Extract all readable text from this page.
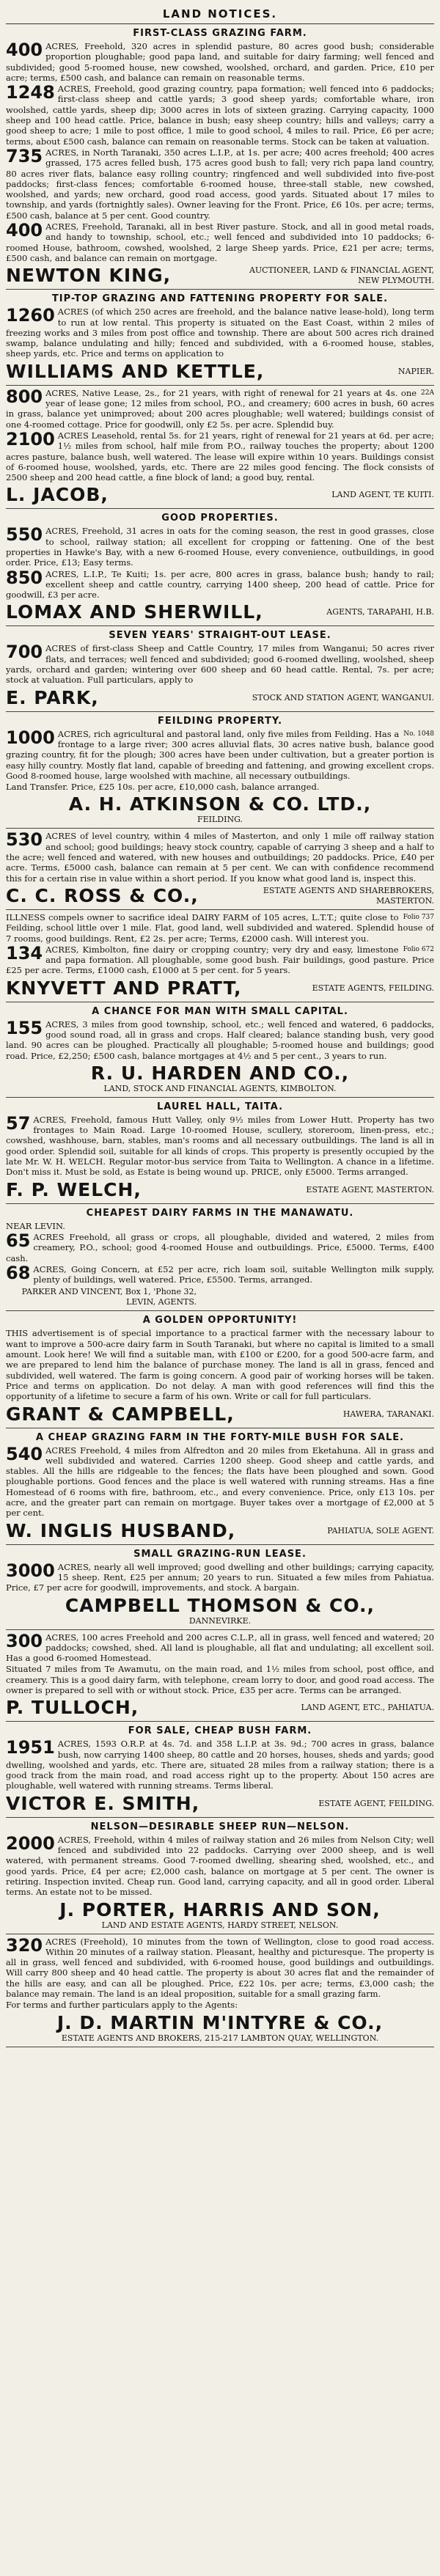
LAND NOTICES.
FIRST-CLASS GRAZING FARM.
400 ACRES, Freehold, 320 acres in splendid pasture, 80 acres good bush; considerable proportion ploughable; good papa land, and suitable for dairy farming; well fenced and subdivided; good 5-roomed house, new cowshed, woolshed, orchard, and garden. Price, £10 per acre; terms, £500 cash, and balance can remain on reasonable terms.
1248 ACRES, Freehold, good grazing country, papa formation; well fenced into 6 paddocks; first-class sheep and cattle yards; 3 good sheep yards; comfortable whare, iron woolshed, cattle yards, sheep dip; 3000 acres in lots of sixteen grazing. Carrying capacity, 1000 sheep and 100 head cattle. Price, balance in bush; easy sheep country; hills and valleys; carry a good sheep to acre; 1 mile to post office, 1 mile to good school, 4 miles to rail. Price, £6 per acre; terms, about £500 cash, balance can remain on reasonable terms. Stock can be taken at valuation.
735 ACRES, in North Taranaki, 350 acres L.I.P., at 1s. per acre; 400 acres freehold; 400 acres grassed, 175 acres felled bush, 175 acres good bush to fall; very rich papa land country, 80 acres river flats, balance easy rolling country; ringfenced and well subdivided into five-post paddocks; first-class fences; comfortable 6-roomed house, three-stall stable, new cowshed, woolshed, and yards; new orchard, good road access, good yards. Situated about 17 miles to township, and yards (fortnightly sales). Owner leaving for the Front. Price, £6 10s. per acre; terms, £500 cash, balance at 5 per cent. Good country.
400 ACRES, Freehold, Taranaki, all in best River pasture. Stock, and all in good metal roads, and handy to township, school, etc.; well fenced and subdivided into 10 paddocks; 6-roomed House, bathroom, cowshed, woolshed, 2 large Sheep yards. Price, £21 per acre; terms, £500 cash, and balance can remain on mortgage.
NEWTON KING,	AUCTIONEER, LAND & FINANCIAL AGENT, NEW PLYMOUTH.
TIP-TOP GRAZING AND FATTENING PROPERTY FOR SALE.
1260 ACRES (of which 250 acres are freehold, and the balance native lease-hold), long term to run at low rental. This property is situated on the East Coast, within 2 miles of freezing works and 3 miles from post office and township. There are about 500 acres rich drained swamp, balance undulating and hilly; fenced and subdivided, with a 6-roomed house, stables, sheep yards, etc. Price and terms on application to
WILLIAMS AND KETTLE,	NAPIER.
22A
800 ACRES, Native Lease, 2s., for 21 years, with right of renewal for 21 years at 4s. one year of lease gone; 12 miles from school, P.O., and creamery; 600 acres in bush, 60 acres in grass, balance yet unimproved; about 200 acres ploughable; well watered; buildings consist of one 4-roomed cottage. Price for goodwill, only £2 5s. per acre. Splendid buy.
2100 ACRES Leasehold, rental 5s. for 21 years, right of renewal for 21 years at 6d. per acre; 1½ miles from school, half mile from P.O., railway touches the property; about 1200 acres pasture, balance bush, well watered. The lease will expire within 10 years. Buildings consist of 6-roomed house, woolshed, yards, etc. There are 22 miles good fencing. The flock consists of 2500 sheep and 200 head cattle, a fine block of land; a good buy, rental.
L. JACOB,	LAND AGENT, TE KUITI.
GOOD PROPERTIES.
550 ACRES, Freehold, 31 acres in oats for the coming season, the rest in good grasses, close to school, railway station; all excellent for cropping or fattening. One of the best properties in Hawke's Bay, with a new 6-roomed House, every convenience, outbuildings, in good order. Price, £13; Easy terms.
850 ACRES, L.I.P., Te Kuiti; 1s. per acre, 800 acres in grass, balance bush; handy to rail; excellent sheep and cattle country, carrying 1400 sheep, 200 head of cattle. Price for goodwill, £3 per acre.
LOMAX AND SHERWILL,	AGENTS, TARAPAHI, H.B.
SEVEN YEARS' STRAIGHT-OUT LEASE.
700 ACRES of first-class Sheep and Cattle Country, 17 miles from Wanganui; 50 acres river flats, and terraces; well fenced and subdivided; good 6-roomed dwelling, woolshed, sheep yards, orchard and garden; wintering over 600 sheep and 60 head cattle. Rental, 7s. per acre; stock at valuation. Full particulars, apply to
E. PARK,	STOCK AND STATION AGENT, WANGANUI.
FEILDING PROPERTY.
No. 1048
1000 ACRES, rich agricultural and pastoral land, only five miles from Feilding. Has a frontage to a large river; 300 acres alluvial flats, 30 acres native bush, balance good grazing country, fit for the plough; 300 acres have been under cultivation, but a greater portion is easy hilly country. Mostly flat land, capable of breeding and fattening, and growing excellent crops. Good 8-roomed house, large woolshed with machine, all necessary outbuildings.
Land Transfer. Price, £25 10s. per acre, £10,000 cash, balance arranged.
A. H. ATKINSON & CO. LTD.,
FEILDING.
530 ACRES of level country, within 4 miles of Masterton, and only 1 mile off railway station and school; good buildings; heavy stock country, capable of carrying 3 sheep and a half to the acre; well fenced and watered, with new houses and outbuildings; 20 paddocks. Price, £40 per acre. Terms, £5000 cash, balance can remain at 5 per cent. We can with confidence recommend this for a certain rise in value within a short period. If you know what good land is, inspect this.
C. C. ROSS & CO.,	ESTATE AGENTS AND SHAREBROKERS, MASTERTON.
Folio 737
ILLNESS compels owner to sacrifice ideal DAIRY FARM of 105 acres, L.T.T.; quite close to Feilding, school little over 1 mile. Flat, good land, well subdivided and watered. Splendid house of 7 rooms, good buildings. Rent, £2 2s. per acre; Terms, £2000 cash. Will interest you.
Folio 672
134 ACRES, Kimbolton, fine dairy or cropping country; very dry and easy, limestone and papa formation. All ploughable, some good bush. Fair buildings, good pasture. Price £25 per acre. Terms, £1000 cash, £1000 at 5 per cent. for 5 years.
KNYVETT AND PRATT,	ESTATE AGENTS, FEILDING.
A CHANCE FOR MAN WITH SMALL CAPITAL.
155 ACRES, 3 miles from good township, school, etc.; well fenced and watered, 6 paddocks, good sound road, all in grass and crops. Half cleared; balance standing bush, very good land. 90 acres can be ploughed. Practically all ploughable; 5-roomed house and buildings; good road. Price, £2,250; £500 cash, balance mortgages at 4½ and 5 per cent., 3 years to run.
R. U. HARDEN AND CO.,
LAND, STOCK AND FINANCIAL AGENTS, KIMBOLTON.
LAUREL HALL, TAITA.
57 ACRES, Freehold, famous Hutt Valley, only 9½ miles from Lower Hutt. Property has two frontages to Main Road. Large 10-roomed House, scullery, storeroom, linen-press, etc.; cowshed, washhouse, barn, stables, man's rooms and all necessary outbuildings. The land is all in good order. Splendid soil, suitable for all kinds of crops. This property is presently occupied by the late Mr. W. H. WELCH. Regular motor-bus service from Taita to Wellington. A chance in a lifetime. Don't miss it. Must be sold, as Estate is being wound up. PRICE, only £5000. Terms arranged.
F. P. WELCH,	ESTATE AGENT, MASTERTON.
CHEAPEST DAIRY FARMS IN THE MANAWATU.
NEAR LEVIN.
65 ACRES Freehold, all grass or crops, all ploughable, divided and watered, 2 miles from creamery, P.O., school; good 4-roomed House and outbuildings. Price, £5000. Terms, £400 cash.
68 ACRES, Going Concern, at £52 per acre, rich loam soil, suitable Wellington milk supply, plenty of buildings, well watered. Price, £5500. Terms, arranged.
PARKER AND VINCENT, Box 1, 'Phone 32, LEVIN, AGENTS.
A GOLDEN OPPORTUNITY!
THIS advertisement is of special importance to a practical farmer with the necessary labour to want to improve a 500-acre dairy farm in South Taranaki, but where no capital is limited to a small amount. Look here! We will find a suitable man, with £100 or £200, for a good 500-acre farm, and we are prepared to lend him the balance of purchase money. The land is all in grass, fenced and subdivided, well watered. The farm is going concern. A good pair of working horses will be taken. Price and terms on application. Do not delay. A man with good references will find this the opportunity of a lifetime to secure a farm of his own. Write or call for full particulars.
GRANT & CAMPBELL,	HAWERA, TARANAKI.
A CHEAP GRAZING FARM IN THE FORTY-MILE BUSH FOR SALE.
540 ACRES Freehold, 4 miles from Alfredton and 20 miles from Eketahuna. All in grass and well subdivided and watered. Carries 1200 sheep. Good sheep and cattle yards, and stables. All the hills are ridgeable to the fences; the flats have been ploughed and sown. Good ploughable portions. Good fences and the place is well watered with running streams. Has a fine Homestead of 6 rooms with fire, bathroom, etc., and every convenience. Price, only £13 10s. per acre, and the greater part can remain on mortgage. Buyer takes over a mortgage of £2,000 at 5 per cent.
W. INGLIS HUSBAND,	PAHIATUA, SOLE AGENT.
SMALL GRAZING-RUN LEASE.
3000 ACRES, nearly all well improved; good dwelling and other buildings; carrying capacity, 15 sheep. Rent, £25 per annum; 20 years to run. Situated a few miles from Pahiatua. Price, £7 per acre for goodwill, improvements, and stock. A bargain.
CAMPBELL THOMSON & CO.,
DANNEVIRKE.
300 ACRES, 100 acres Freehold and 200 acres C.L.P., all in grass, well fenced and watered; 20 paddocks; cowshed, shed. All land is ploughable, all flat and undulating; all excellent soil. Has a good 6-roomed Homestead.
Situated 7 miles from Te Awamutu, on the main road, and 1½ miles from school, post office, and creamery. This is a good dairy farm, with telephone, cream lorry to door, and good road access. The owner is prepared to sell with or without stock. Price, £35 per acre. Terms can be arranged.
P. TULLOCH,	LAND AGENT, ETC., PAHIATUA.
FOR SALE, CHEAP BUSH FARM.
1951 ACRES, 1593 O.R.P. at 4s. 7d. and 358 L.I.P. at 3s. 9d.; 700 acres in grass, balance bush, now carrying 1400 sheep, 80 cattle and 20 horses, houses, sheds and yards; good dwelling, woolshed and yards, etc. There are, situated 28 miles from a railway station; there is a good track from the main road, and road access right up to the property. About 150 acres are ploughable, well watered with running streams. Terms liberal.
VICTOR E. SMITH,	ESTATE AGENT, FEILDING.
NELSON—DESIRABLE SHEEP RUN—NELSON.
2000 ACRES, Freehold, within 4 miles of railway station and 26 miles from Nelson City; well fenced and subdivided into 22 paddocks. Carrying over 2000 sheep, and is well watered, with permanent streams. Good 7-roomed dwelling, shearing shed, woolshed, etc., and good yards. Price, £4 per acre; £2,000 cash, balance on mortgage at 5 per cent. The owner is retiring. Inspection invited. Cheap run. Good land, carrying capacity, and all in good order. Liberal terms. An estate not to be missed.
J. PORTER, HARRIS AND SON,
LAND AND ESTATE AGENTS, HARDY STREET, NELSON.
320 ACRES (Freehold), 10 minutes from the town of Wellington, close to good road access. Within 20 minutes of a railway station. Pleasant, healthy and picturesque. The property is all in grass, well fenced and subdivided, with 6-roomed house, good buildings and outbuildings. Will carry 800 sheep and 40 head cattle. The property is about 30 acres flat and the remainder of the hills are easy, and can all be ploughed. Price, £22 10s. per acre; terms, £3,000 cash; the balance may remain. The land is an ideal proposition, suitable for a small grazing farm.
For terms and further particulars apply to the Agents:
J. D. MARTIN M'INTYRE & CO.,
ESTATE AGENTS AND BROKERS, 215-217 LAMBTON QUAY, WELLINGTON.
